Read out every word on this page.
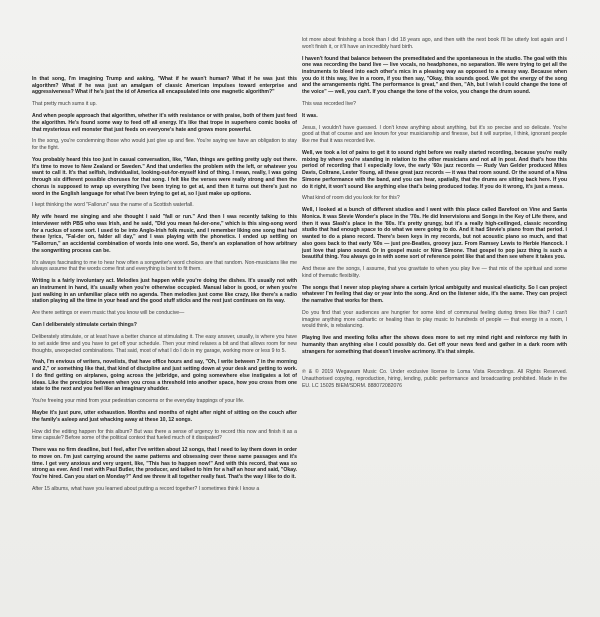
In that song, I'm imagining Trump and asking, "What if he wasn't human? What if he was just this algorithm? What if he was just an amalgam of classic American impulses toward enterprise and aggressiveness? What if he's just the id of America all encapsulated into one magnetic algorithm?"

That pretty much sums it up.

And when people approach that algorithm, whether it's with resistance or with praise, both of them just feed the algorithm. He's found some way to feed off all energy. It's like that trope in superhero comic books of that mysterious evil monster that just feeds on everyone's hate and grows more powerful.

In the song, you're condemning those who would just give up and flee. You're saying we have an obligation to stay for the fight.

You probably heard this too just in casual conversation, like, "Man, things are getting pretty ugly out there. It's time to move to New Zealand or Sweden." And that underlies the problem with the left, or whatever you want to call it. It's that selfish, individualist, looking-out-for-myself kind of thing. I mean, really, I was going through six different possible choruses for that song. I felt like the verses were really strong and then the chorus is supposed to wrap up everything I've been trying to get at, and then it turns out there's just no word in the English language for what I've been trying to get at, so I just make up options.

I kept thinking the word "Fallorun" was the name of a Scottish waterfall.

My wife heard me singing and she thought I said "fall or run." And then I was recently talking to this interviewer with PBS who was Irish, and he said, "Did you mean fal-der-one," which is this sing-song word for a ruckus of some sort. I used to be into Anglo-Irish folk music, and I remember liking one song that had these lyrics, "Fal-der on, falder all day," and I was playing with the phonetics. I ended up settling on "Fallorrun," an accidental combination of words into one word. So, there's an explanation of how arbitrary the songwriting process can be.

It's always fascinating to me to hear how often a songwriter's word choices are that random. Non-musicians like me always assume that the words come first and everything is bent to fit them.

Writing is a fairly involuntary act. Melodies just happen while you're doing the dishes. It's usually not with an instrument in hand, it's usually when you're otherwise occupied. Manual labor is good, or when you're just walking in an unfamiliar place with no agenda. Then melodies just come like crazy, like there's a radio station playing all the time in your head and the good stuff sticks and the rest just continues on its way.

Are there settings or even music that you know will be conducive—

Can I deliberately stimulate certain things?

Deliberately stimulate, or at least have a better chance at stimulating it. The easy answer, usually, is where you have to set aside time and you have to get off your schedule. Then your mind relaxes a bit and that allows room for new thoughts, unexpected combinations. That said, most of what I do I do in my garage, working more or less 9 to 5.

Yeah, I'm envious of writers, novelists, that have office hours and say, "Oh, I write between 7 in the morning and 2," or something like that, that kind of discipline and just setting down at your desk and getting to work. I do find getting on airplanes, going across the jetbridge, and going somewhere else instigates a lot of ideas. Like the precipice between when you cross a threshold into another space, how you cross from one state to the next and you feel like an imaginary shudder.

You're freeing your mind from your pedestrian concerns or the everyday trappings of your life.

Maybe it's just pure, utter exhaustion. Months and months of night after night of sitting on the couch after the family's asleep and just whacking away at these 10, 12 songs.

How did the editing happen for this album? But was there a sense of urgency to record this now and finish it as a time capsule? Before some of the political context that fueled much of it dissipated?

There was no firm deadline, but I feel, after I've written about 12 songs, that I need to lay them down in order to move on. I'm just carrying around the same patterns and obsessing over these same passages and it's time. I get very anxious and very urgent, like, "This has to happen now!" And with this record, that was so strong as ever. And I met with Paul Butler, the producer, and talked to him for a half an hour and said, "Okay. You're hired. Can you start on Monday?" And we threw it all together really fast. That's the way I like to do it.

After 15 albums, what have you learned about putting a record together? I sometimes think I know a

lot more about finishing a book than I did 18 years ago, and then with the next book I'll be utterly lost again and I won't finish it, or it'll have an incredibly hard birth.

I haven't found that balance between the premeditated and the spontaneous in the studio. The goal with this one was recording the band live — live vocals, no headphones, no separation. We were trying to get all the instruments to bleed into each other's mics in a pleasing way as opposed to a messy way. Because when you do it this way, live in a room, if you then say, "Okay, this sounds good. We got the energy of the song and the arrangements right. The performance is great," and then, "Ah, but I wish I could change the tone of the voice" — well, you can't. If you change the tone of the voice, you change the drum sound.

This was recorded live?

It was.

Jesus, I wouldn't have guessed. I don't know anything about anything, but it's so precise and so delicate. You're good at that of course and are known for your musicianship and finesse, but it will surprise, I think, ignorant people like me that it was recorded live.

Well, we took a lot of pains to get it to sound right before we really started recording, because you're really mixing by where you're standing in relation to the other musicians and not all in post. And that's how this period of recording that I especially love, the early '60s jazz records — Rudy Van Gelder produced Miles Davis, Coltrane, Lester Young, all these great jazz records — it was that room sound. Or the sound of a Nina Simone performance with the band, and you can hear, spatially, that the drums are sitting back here. If you do it right, it won't sound like anything else that's being produced today. If you do it wrong, it's just a mess.

What kind of room did you look for for this?

Well, I looked at a bunch of different studios and I went with this place called Barefoot on Vine and Santa Monica. It was Stevie Wonder's place in the '70s. He did Innervisions and Songs in the Key of Life there, and then it was Slash's place in the '80s. It's pretty grungy, but it's a really high-ceilinged, classic recording studio that had enough space to do what we were going to do. And it had Stevie's piano from that period. I wanted to do a piano record. There's been keys in my records, but not acoustic piano so much, and that also goes back to that early '60s — just pre-Beatles, groovy jazz. From Ramsey Lewis to Herbie Hancock. I just love that piano sound. Or in gospel music or Nina Simone. That gospel to pop jazz thing is such a beautiful thing. You always go in with some sort of reference point like that and then see where it takes you.

And these are the songs, I assume, that you gravitate to when you play live — that mix of the spiritual and some kind of thematic flexibility.

The songs that I never stop playing share a certain lyrical ambiguity and musical elasticity. So I can project whatever I'm feeling that day or year into the song. And on the listener side, it's the same. They can project the narrative that works for them.

Do you find that your audiences are hungrier for some kind of communal feeling during times like this? I can't imagine anything more cathartic or healing than to play music to hundreds of people — that energy in a room, I would think, is rebalancing.

Playing live and meeting folks after the shows does more to set my mind right and reinforce my faith in humanity than anything else I could possibly do. Get off your news feed and gather in a dark room with strangers for something that doesn't involve acrimony. It's that simple.

℗ & © 2019 Wegawam Music Co. Under exclusive license to Loma Vista Recordings. All Rights Reserved. Unauthorised copying, reproduction, hiring, lending, public performance and broadcasting prohibited. Made in the EU. LC 15025 BIEM/SDRM. 888072082076
